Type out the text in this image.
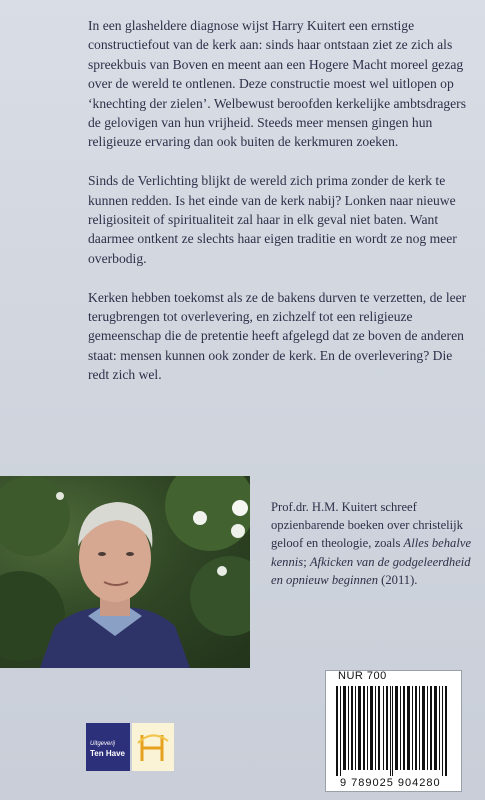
In een glasheldere diagnose wijst Harry Kuitert een ernstige constructiefout van de kerk aan: sinds haar ontstaan ziet ze zich als spreekbuis van Boven en meent aan een Hogere Macht moreel gezag over de wereld te ontlenen. Deze constructie moest wel uitlopen op ‘knechting der zielen’. Welbewust beroofden kerkelijke ambtsdragers de gelovigen van hun vrijheid. Steeds meer mensen gingen hun religieuze ervaring dan ook buiten de kerkmuren zoeken.

Sinds de Verlichting blijkt de wereld zich prima zonder de kerk te kunnen redden. Is het einde van de kerk nabij? Lonken naar nieuwe religiositeit of spiritualiteit zal haar in elk geval niet baten. Want daarmee ontkent ze slechts haar eigen traditie en wordt ze nog meer overbodig.

Kerken hebben toekomst als ze de bakens durven te verzetten, de leer terugbrengen tot overlevering, en zichzelf tot een religieuze gemeenschap die de pretentie heeft afgelegd dat ze boven de anderen staat: mensen kunnen ook zonder de kerk. En de overlevering? Die redt zich wel.

Prof.dr. H.M. Kuitert schreef opzienbarende boeken over christelijk geloof en theologie, zoals Alles behalve kennis; Afkicken van de godgeleerdheid en opnieuw beginnen (2011).
Uitgeverij
Ten Have
NUR 700
9 789025 904280
